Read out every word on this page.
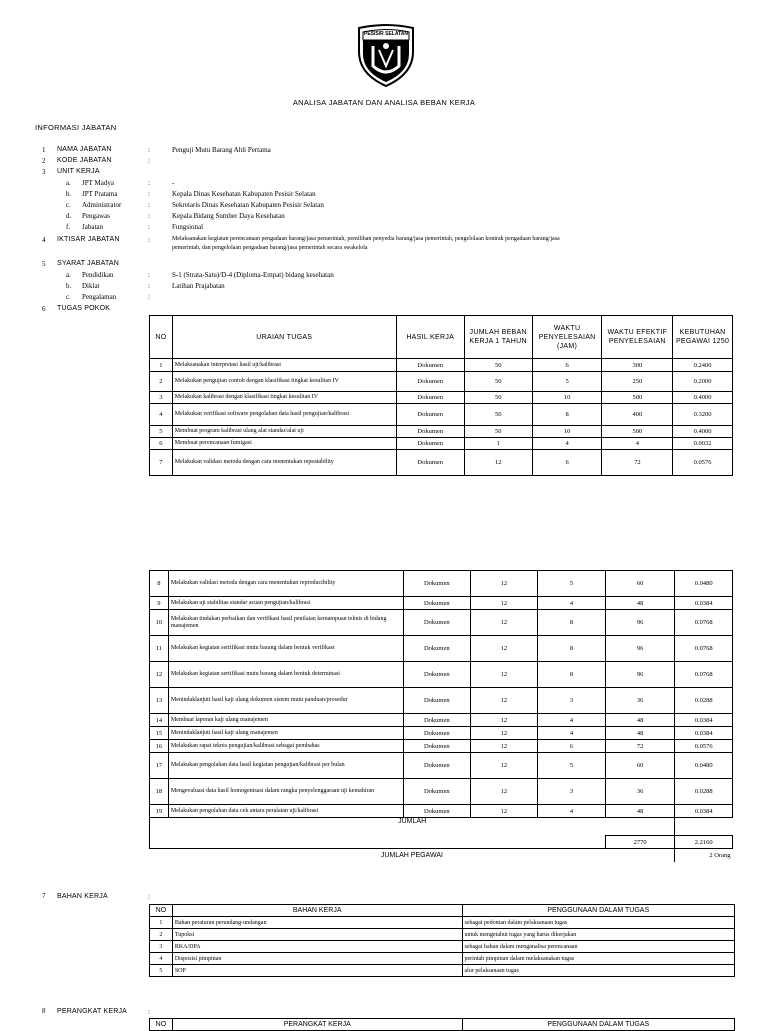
PESISIR SELATAN
ANALISA JABATAN DAN ANALISA BEBAN KERJA
INFORMASI JABATAN
1	NAMA JABATAN	:	Penguji Mutu Barang Ahli Pertama
2	KODE JABATAN	:
3	UNIT KERJA
a. JPT Madya	:	-
b. JPT Pratama	:	Kepala Dinas Kesehatan Kabupaten Pesisir Selatan
c. Administrator	:	Sekretaris Dinas Kesehatan Kabupaten Pesisir Selatan
d. Pengawas	:	Kepala Bidang Sumber Daya Kesehatan
f. Jabatan	:	Fungsional
4	IKTISAR JABATAN	:	Melaksanakan kegiatan perencanaan pengadaan barang/jasa pemerintah, pemilihan penyedia barang/jasa pemerintah, pengelolaan kontrak pengadaan barang/jasa
pemerintah, dan pengelolaan pengadaan barang/jasa pemerintah secara swakelola
5	SYARAT JABATAN
a. Pendidikan	:	S-1 (Strata-Satu)/D-4 (Diploma-Empat) bidang kesehatan
b. Diklat	:	Latihan Prajabatan
c. Pengalaman	:
6	TUGAS POKOK
NO	URAIAN TUGAS	HASIL KERJA	JUMLAH BEBAN KERJA 1 TAHUN	WAKTU PENYELESAIAN (JAM)	WAKTU EFEKTIF PENYELESAIAN	KEBUTUHAN PEGAWAI 1250
1	Melaksanakan interpretasi hasil uji/kalibrasi	Dokumen	50	6	300	0.2400
2	Melakukan pengujian contoh dengan klasifikasi tingkat kesulitan IV	Dokumen	50	5	250	0.2000
3	Melakukan kalibrasi dengan klasifikasi tingkat kesulitan IV	Dokumen	50	10	500	0.4000
4	Melakukan verifikasi software pengolahan data hasil pengujian/kalibrasi	Dokumen	50	8	400	0.3200
5	Membuat program kalibrasi ulang alat standar/alat uji	Dokumen	50	10	500	0.4000
6	Membuat perencanaan fumigasi	Dokumen	1	4	4	0.0032
7	Melakukan validasi metoda dengan cara menentukan repeatability	Dokumen	12	6	72	0.0576
8	Melakukan validasi metoda dengan cara menentukan reproducibility	Dokumen	12	5	60	0.0480
9	Melakukan uji stabilitas standar acuan pengujian/kalibrasi	Dokumen	12	4	48	0.0384
10	Melakukan tindakan perbaikan dan verifikasi hasil penilaian kemampuan teknis di bidang manajemen	Dokumen	12	8	96	0.0768
11	Melakukan kegiatan sertifikasi mutu barang dalam bentuk verifikasi	Dokumen	12	8	96	0.0768
12	Melakukan kegiatan sertifikasi mutu barang dalam bentuk determinasi	Dokumen	12	8	96	0.0768
13	Menindaklanjuti hasil kaji ulang dokumen sistem mutu panduan/prosedur	Dokumen	12	3	36	0.0288
14	Membuat laporan kaji ulang manajemen	Dokumen	12	4	48	0.0384
15	Menindaklanjuti hasil kaji ulang manajemen	Dokumen	12	4	48	0.0384
16	Melakukan rapat teknis pengujian/kalibrasi sebagai pembahas	Dokumen	12	6	72	0.0576
17	Melakukan pengolahan data hasil kegiatan pengujian/kalibrasi per bulan	Dokumen	12	5	60	0.0480
18	Mengevaluasi data hasil homogenisasi dalam rangka penyelenggaraan uji kemahiran	Dokumen	12	3	36	0.0288
19	Melakukan pengolahan data cek antara peralatan uji/kalibrasi	Dokumen	12	4	48	0.0384
JUMLAH						
					2770	2.2160
JUMLAH PEGAWAI						2 Orang
7 BAHAN KERJA	:
NO	BAHAN KERJA	PENGGUNAAN DALAM TUGAS
1	Bahan peraturan perundang-undangan	sebagai pedoman dalam pelaksanaan tugas
2	Tupoksi	untuk mengetahui tugas yang harus dikerjakan
3	RKA/DPA	sebagai bahan dalam menganalisa perencanaan
4	Disposisi pimpinan	perintah pimpinan dalam melaksanakan tugas
5	SOP	alur pelaksanaan tugas
8 PERANGKAT KERJA	:
NO	PERANGKAT KERJA	PENGGUNAAN DALAM TUGAS
